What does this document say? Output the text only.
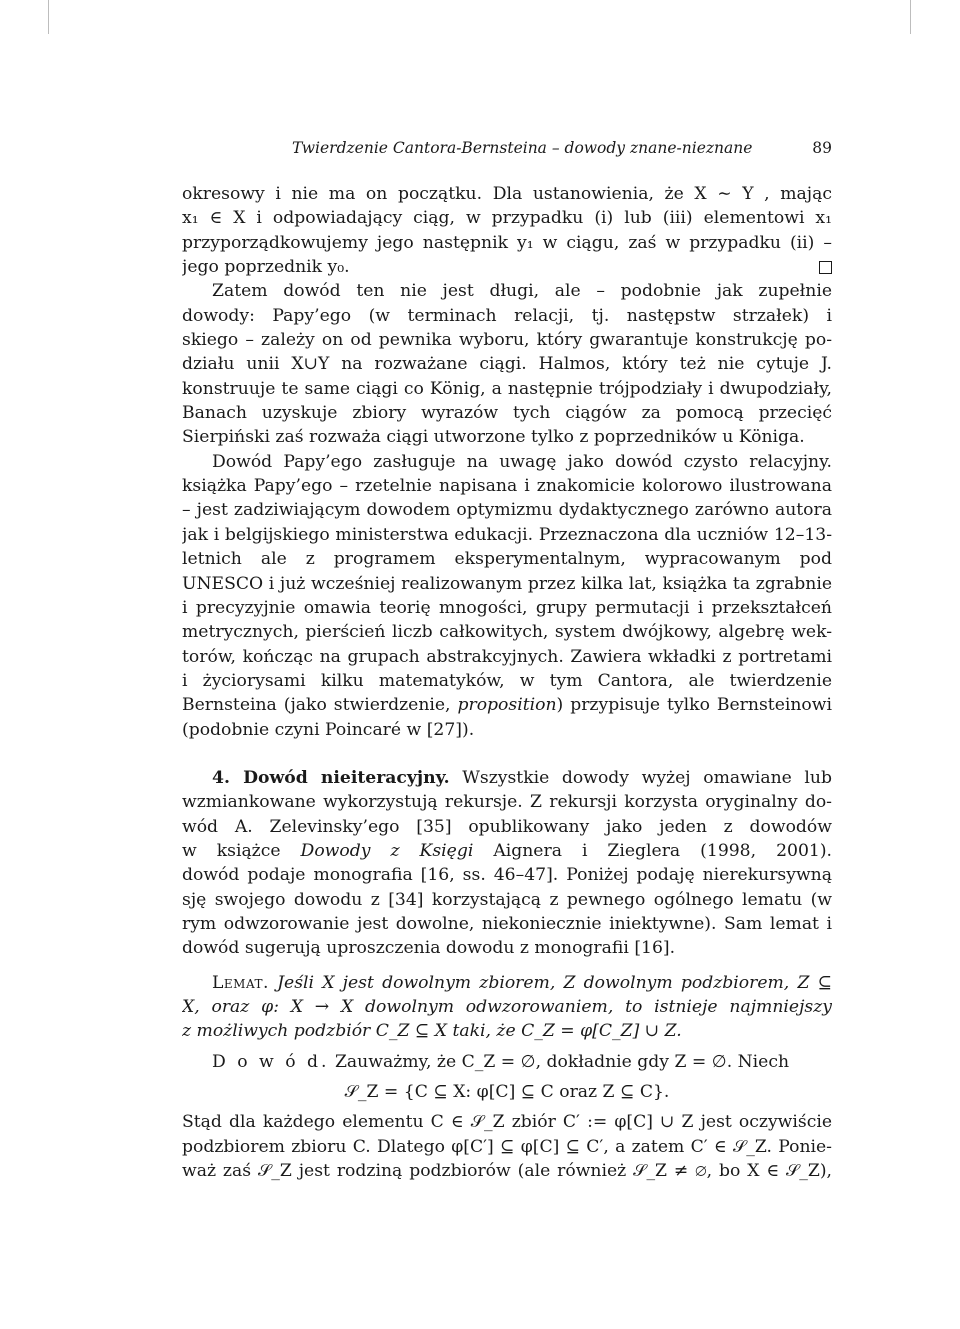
Twierdzenie Cantora-Bernsteina – dowody znane-nieznane	89
okresowy i nie ma on początku. Dla ustanowienia, że X ∼ Y , mając
x₁ ∈ X i odpowiadający ciąg, w przypadku (i) lub (iii) elementowi x₁
przyporządkowujemy jego następnik y₁ w ciągu, zaś w przypadku (ii) –
jego poprzednik y₀.
Zatem dowód ten nie jest długi, ale – podobnie jak zupełnie
dowody: Papy’ego (w terminach relacji, tj. następstw strzałek) i
skiego – zależy on od pewnika wyboru, który gwarantuje konstrukcję po-
działu unii X∪Y na rozważane ciągi. Halmos, który też nie cytuje J.
konstruuje te same ciągi co König, a następnie trójpodziały i dwupodziały,
Banach uzyskuje zbiory wyrazów tych ciągów za pomocą przecięć
Sierpiński zaś rozważa ciągi utworzone tylko z poprzedników u Königa.
Dowód Papy’ego zasługuje na uwagę jako dowód czysto relacyjny.
książka Papy’ego – rzetelnie napisana i znakomicie kolorowo ilustrowana
– jest zadziwiającym dowodem optymizmu dydaktycznego zarówno autora
jak i belgijskiego ministerstwa edukacji. Przeznaczona dla uczniów 12–13-
letnich ale z programem eksperymentalnym, wypracowanym pod
UNESCO i już wcześniej realizowanym przez kilka lat, książka ta zgrabnie
i precyzyjnie omawia teorię mnogości, grupy permutacji i przekształceń
metrycznych, pierścień liczb całkowitych, system dwójkowy, algebrę wek-
torów, kończąc na grupach abstrakcyjnych. Zawiera wkładki z portretami
i życiorysami kilku matematyków, w tym Cantora, ale twierdzenie
Bernsteina (jako stwierdzenie, proposition) przypisuje tylko Bernsteinowi
(podobnie czyni Poincaré w [27]).
4. Dowód nieiteracyjny. Wszystkie dowody wyżej omawiane lub
wzmiankowane wykorzystują rekursje. Z rekursji korzysta oryginalny do-
wód A. Zelevinsky’ego [35] opublikowany jako jeden z dowodów
w książce Dowody z Księgi Aignera i Zieglera (1998, 2001).
dowód podaje monografia [16, ss. 46–47]. Poniżej podaję nierekursywną
sję swojego dowodu z [34] korzystającą z pewnego ogólnego lematu (w
rym odwzorowanie jest dowolne, niekoniecznie iniektywne). Sam lemat i
dowód sugerują uproszczenia dowodu z monografii [16].
Lemat. Jeśli X jest dowolnym zbiorem, Z dowolnym podzbiorem, Z ⊆
X, oraz φ: X → X dowolnym odwzorowaniem, to istnieje najmniejszy
z możliwych podzbiór C_Z ⊆ X taki, że C_Z = φ[C_Z] ∪ Z.
D o w ó d. Zauważmy, że C_Z = ∅, dokładnie gdy Z = ∅. Niech
𝒮_Z = {C ⊆ X: φ[C] ⊆ C oraz Z ⊆ C}.
Stąd dla każdego elementu C ∈ 𝒮_Z zbiór C′ := φ[C] ∪ Z jest oczywiście
podzbiorem zbioru C. Dlatego φ[C′] ⊆ φ[C] ⊆ C′, a zatem C′ ∈ 𝒮_Z. Ponie-
waż zaś 𝒮_Z jest rodziną podzbiorów (ale również 𝒮_Z ≠ ∅, bo X ∈ 𝒮_Z),
